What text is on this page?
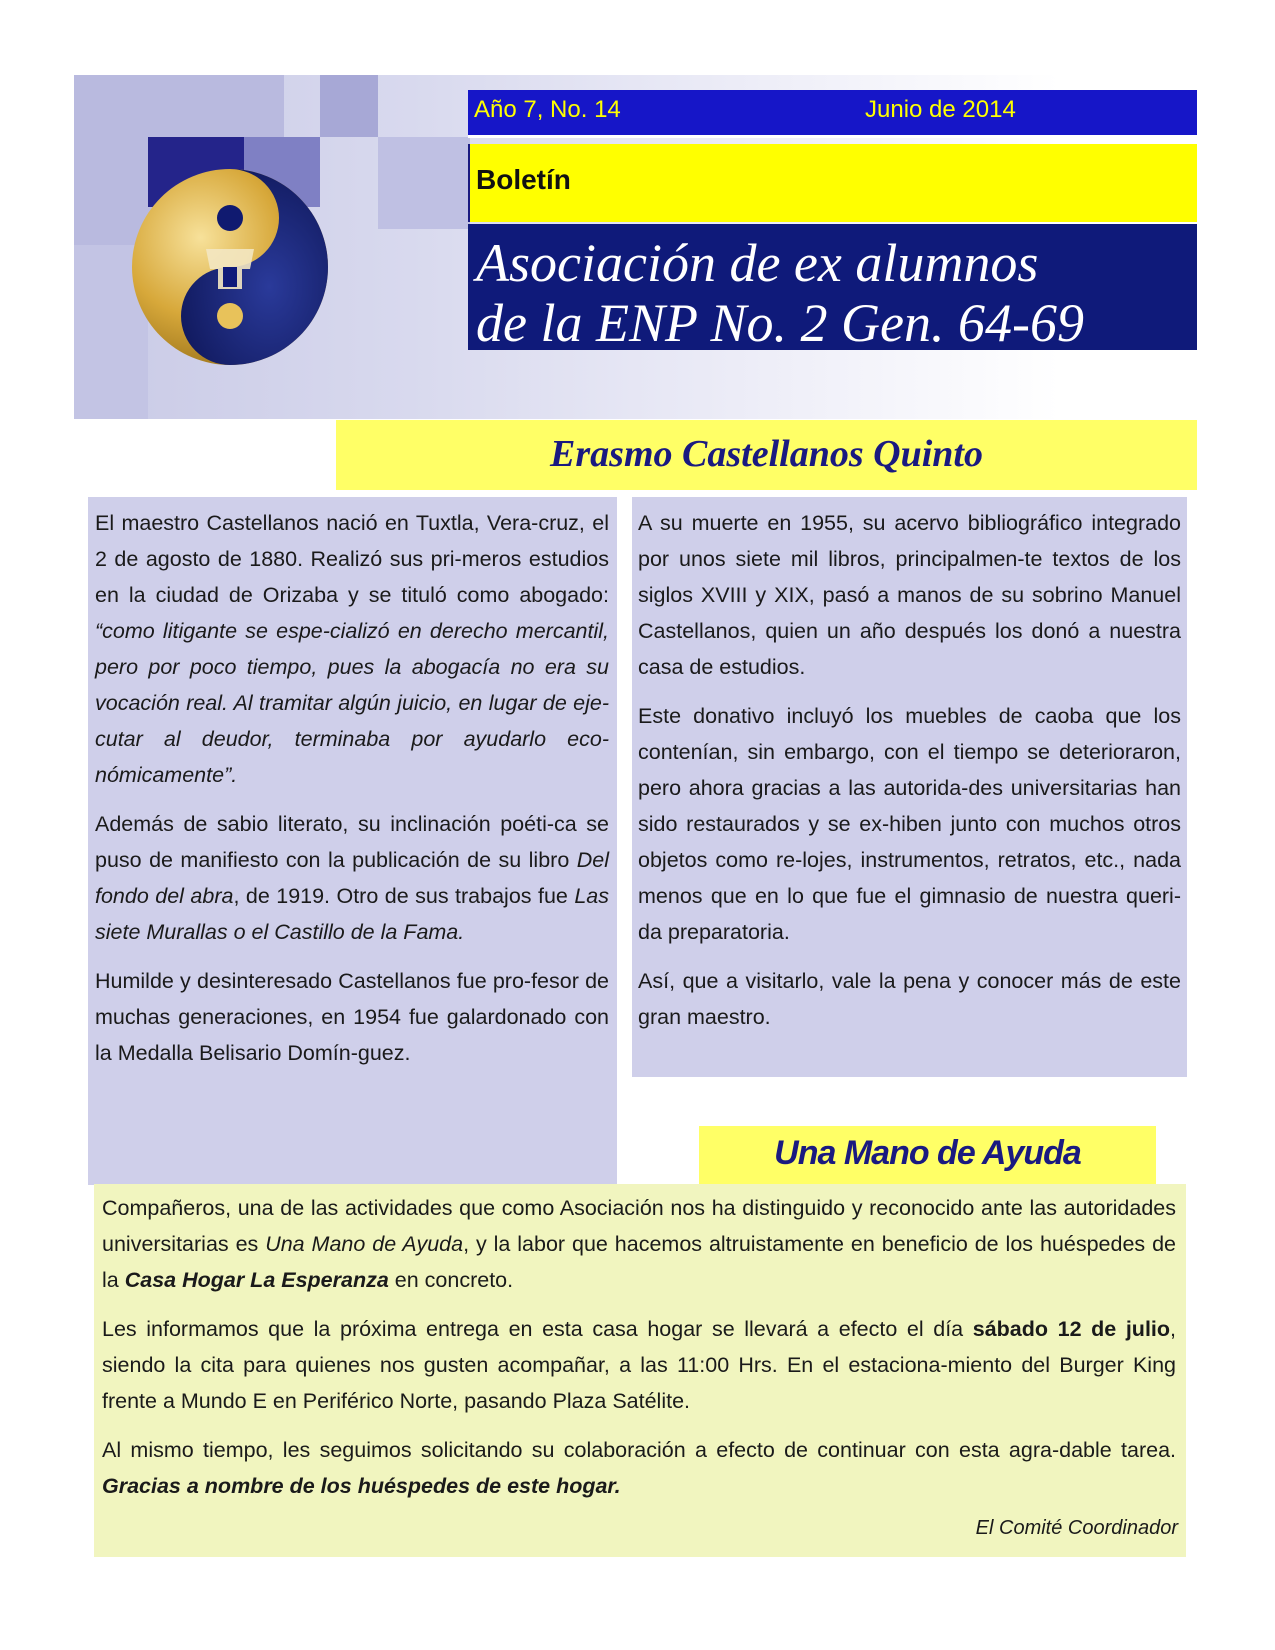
Año 7, No. 14	Junio de 2014
Boletín
Asociación de ex alumnos
de la ENP No. 2 Gen. 64-69
Erasmo Castellanos Quinto

El maestro Castellanos nació en Tuxtla, Vera-cruz, el 2 de agosto de 1880. Realizó sus pri-meros estudios en la ciudad de Orizaba y se tituló como abogado: “como litigante se espe-cializó en derecho mercantil, pero por poco tiempo, pues la abogacía no era su vocación real. Al tramitar algún juicio, en lugar de eje-cutar al deudor, terminaba por ayudarlo eco-nómicamente”.

Además de sabio literato, su inclinación poéti-ca se puso de manifiesto con la publicación de su libro Del fondo del abra, de 1919. Otro de sus trabajos fue Las siete Murallas o el Castillo de la Fama.

Humilde y desinteresado Castellanos fue pro-fesor de muchas generaciones, en 1954 fue galardonado con la Medalla Belisario Domín-guez.

A su muerte en 1955, su acervo bibliográfico integrado por unos siete mil libros, principalmen-te textos de los siglos XVIII y XIX, pasó a manos de su sobrino Manuel Castellanos, quien un año después los donó a nuestra casa de estudios.

Este donativo incluyó los muebles de caoba que los contenían, sin embargo, con el tiempo se deterioraron, pero ahora gracias a las autorida-des universitarias han sido restaurados y se ex-hiben junto con muchos otros objetos como re-lojes, instrumentos, retratos, etc., nada menos que en lo que fue el gimnasio de nuestra queri-da preparatoria.

Así, que a visitarlo, vale la pena y conocer más de este gran maestro.

Una Mano de Ayuda

Compañeros, una de las actividades que como Asociación nos ha distinguido y reconocido ante las autoridades universitarias es Una Mano de Ayuda, y la labor que hacemos altruistamente en beneficio de los huéspedes de la Casa Hogar La Esperanza en concreto.

Les informamos que la próxima entrega en esta casa hogar se llevará a efecto el día sábado 12 de julio, siendo la cita para quienes nos gusten acompañar, a las 11:00 Hrs. En el estaciona-miento del Burger King frente a Mundo E en Periférico Norte, pasando Plaza Satélite.

Al mismo tiempo, les seguimos solicitando su colaboración a efecto de continuar con esta agra-dable tarea. Gracias a nombre de los huéspedes de este hogar.

El Comité Coordinador
